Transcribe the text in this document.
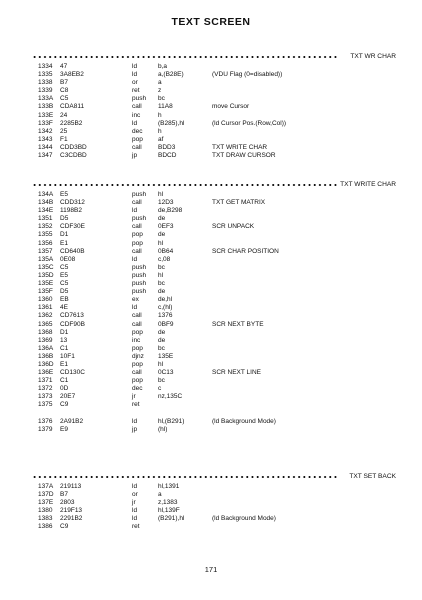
TEXT SCREEN
TXT WR CHAR
1334 47	ld	b,a
1335 3A8EB2	ld	a,(B28E)	(VDU Flag (0=disabled))
1338 B7	or	a
1339 C8	ret	z
133A C5	push bc
133B CDA811	call 11A8	move Cursor
133E 24	inc	h
133F 2285B2	ld	(B285),hl	(ld Cursor Pos.(Row,Col))
1342 25	dec h
1343 F1	pop af
1344 CDD3BD	call BDD3	TXT WRITE CHAR
1347 C3CDBD	jp	BDCD	TXT DRAW CURSOR
TXT WRITE CHAR
134A E5	push hl
134B CDD312	call 12D3	TXT GET MATRIX
134E 1198B2	ld	de,B298
1351 D5	push de
1352 CDF30E	call 0EF3	SCR UNPACK
1355 D1	pop de
1356 E1	pop hl
1357 CD640B	call 0B64	SCR CHAR POSITION
135A 0E08	ld	c,08
135C C5	push bc
135D E5	push hl
135E C5	push bc
135F D5	push de
1360 EB	ex	de,hl
1361 4E	ld	c,(hl)
1362 CD7613	call 1376
1365 CDF90B	call 0BF9	SCR NEXT BYTE
1368 D1	pop de
1369 13	inc	de
136A C1	pop bc
136B 10F1	djnz 135E
136D E1	pop hl
136E CD130C	call 0C13	SCR NEXT LINE
1371 C1	pop bc
1372 0D	dec c
1373 20E7	jr	nz,135C
1375 C9	ret
1376 2A91B2	ld	hl,(B291)	(ld Background Mode)
1379 E9	jp	(hl)
TXT SET BACK
137A 219113	ld	hl,1391
137D B7	or	a
137E 2803	jr	z,1383
1380 219F13	ld	hl,139F
1383 2291B2	ld	(B291),hl	(ld Background Mode)
1386 C9	ret
171
